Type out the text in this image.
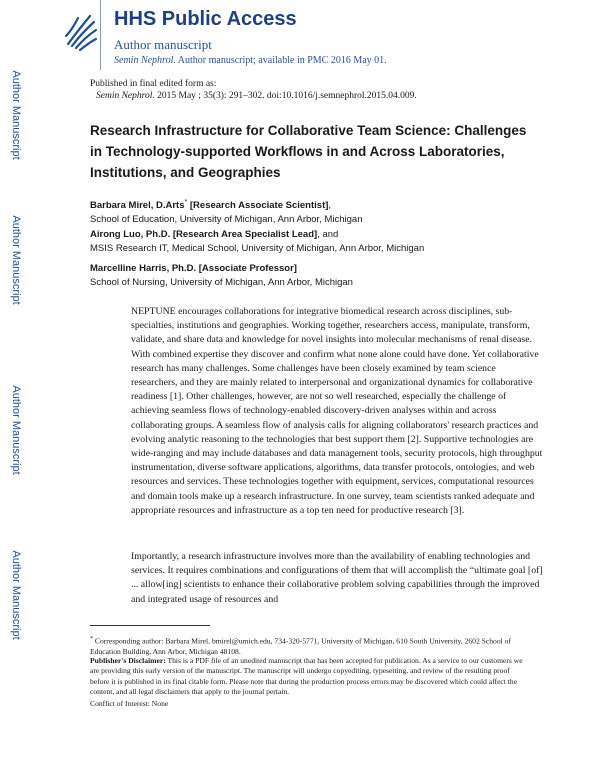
Author Manuscript
Author Manuscript
Author Manuscript
Author Manuscript
HHS Public Access
Author manuscript
Semin Nephrol. Author manuscript; available in PMC 2016 May 01.
Published in final edited form as:
Semin Nephrol. 2015 May ; 35(3): 291–302. doi:10.1016/j.semnephrol.2015.04.009.
Research Infrastructure for Collaborative Team Science: Challenges in Technology-supported Workflows in and Across Laboratories, Institutions, and Geographies
Barbara Mirel, D.Arts* [Research Associate Scientist],
School of Education, University of Michigan, Ann Arbor, Michigan
Airong Luo, Ph.D. [Research Area Specialist Lead], and
MSIS Research IT, Medical School, University of Michigan, Ann Arbor, Michigan
Marcelline Harris, Ph.D. [Associate Professor]
School of Nursing, University of Michigan, Ann Arbor, Michigan
NEPTUNE encourages collaborations for integrative biomedical research across disciplines, sub-specialties, institutions and geographies. Working together, researchers access, manipulate, transform, validate, and share data and knowledge for novel insights into molecular mechanisms of renal disease. With combined expertise they discover and confirm what none alone could have done. Yet collaborative research has many challenges. Some challenges have been closely examined by team science researchers, and they are mainly related to interpersonal and organizational dynamics for collaborative readiness [1]. Other challenges, however, are not so well researched, especially the challenge of achieving seamless flows of technology-enabled discovery-driven analyses within and across collaborating groups. A seamless flow of analysis calls for aligning collaborators' research practices and evolving analytic reasoning to the technologies that best support them [2]. Supportive technologies are wide-ranging and may include databases and data management tools, security protocols, high throughput instrumentation, diverse software applications, algorithms, data transfer protocols, ontologies, and web resources and services. These technologies together with equipment, services, computational resources and domain tools make up a research infrastructure. In one survey, team scientists ranked adequate and appropriate resources and infrastructure as a top ten need for productive research [3].
Importantly, a research infrastructure involves more than the availability of enabling technologies and services. It requires combinations and configurations of them that will accomplish the “ultimate goal [of] ... allow[ing] scientists to enhance their collaborative problem solving capabilities through the improved and integrated usage of resources and
* Corresponding author: Barbara Mirel, bmirel@umich.edu, 734-320-5771, University of Michigan, 610 South University, 2602 School of Education Building, Ann Arbor, Michigan 48108.
Publisher's Disclaimer: This is a PDF file of an unedited manuscript that has been accepted for publication. As a service to our customers we are providing this early version of the manuscript. The manuscript will undergo copyediting, typesetting, and review of the resulting proof before it is published in its final citable form. Please note that during the production process errors may be discovered which could affect the content, and all legal disclaimers that apply to the journal pertain.
Conflict of Interest: None
